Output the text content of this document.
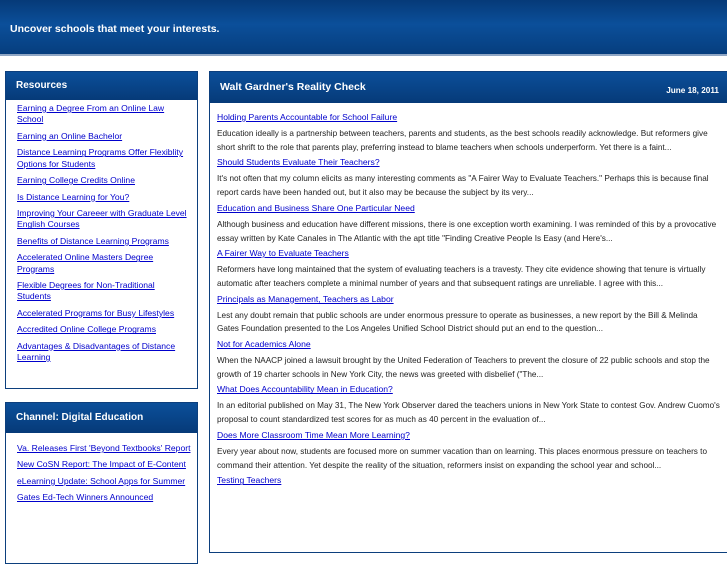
Uncover schools that meet your interests.
Resources
Earning a Degree From an Online Law School
Earning an Online Bachelor
Distance Learning Programs Offer Flexiblity Options for Students
Earning College Credits Online
Is Distance Learning for You?
Improving Your Careeer with Graduate Level English Courses
Benefits of Distance Learning Programs
Accelerated Online Masters Degree Programs
Flexible Degrees for Non-Traditional Students
Accelerated Programs for Busy Lifestyles
Accredited Online College Programs
Advantages & Disadvantages of Distance Learning
Channel: Digital Education
Va. Releases First 'Beyond Textbooks' Report
New CoSN Report: The Impact of E-Content
eLearning Update: School Apps for Summer
Gates Ed-Tech Winners Announced
Walt Gardner's Reality Check	June 18, 2011
Holding Parents Accountable for School Failure

Education ideally is a partnership between teachers, parents and students, as the best schools readily acknowledge. But reformers give short shrift to the role that parents play, preferring instead to blame teachers when schools underperform. Yet there is a faint...

Should Students Evaluate Their Teachers?

It's not often that my column elicits as many interesting comments as "A Fairer Way to Evaluate Teachers." Perhaps this is because final report cards have been handed out, but it also may be because the subject by its very...

Education and Business Share One Particular Need

Although business and education have different missions, there is one exception worth examining. I was reminded of this by a provocative essay written by Kate Canales in The Atlantic with the apt title "Finding Creative People Is Easy (and Here's...

A Fairer Way to Evaluate Teachers

Reformers have long maintained that the system of evaluating teachers is a travesty. They cite evidence showing that tenure is virtually automatic after teachers complete a minimal number of years and that subsequent ratings are unreliable. I agree with this...

Principals as Management, Teachers as Labor

Lest any doubt remain that public schools are under enormous pressure to operate as businesses, a new report by the Bill & Melinda Gates Foundation presented to the Los Angeles Unified School District should put an end to the question...

Not for Academics Alone

When the NAACP joined a lawsuit brought by the United Federation of Teachers to prevent the closure of 22 public schools and stop the growth of 19 charter schools in New York City, the news was greeted with disbelief ("The...

What Does Accountability Mean in Education?

In an editorial published on May 31, The New York Observer dared the teachers unions in New York State to contest Gov. Andrew Cuomo's proposal to count standardized test scores for as much as 40 percent in the evaluation of...

Does More Classroom Time Mean More Learning?

Every year about now, students are focused more on summer vacation than on learning. This places enormous pressure on teachers to command their attention. Yet despite the reality of the situation, reformers insist on expanding the school year and school...

Testing Teachers
